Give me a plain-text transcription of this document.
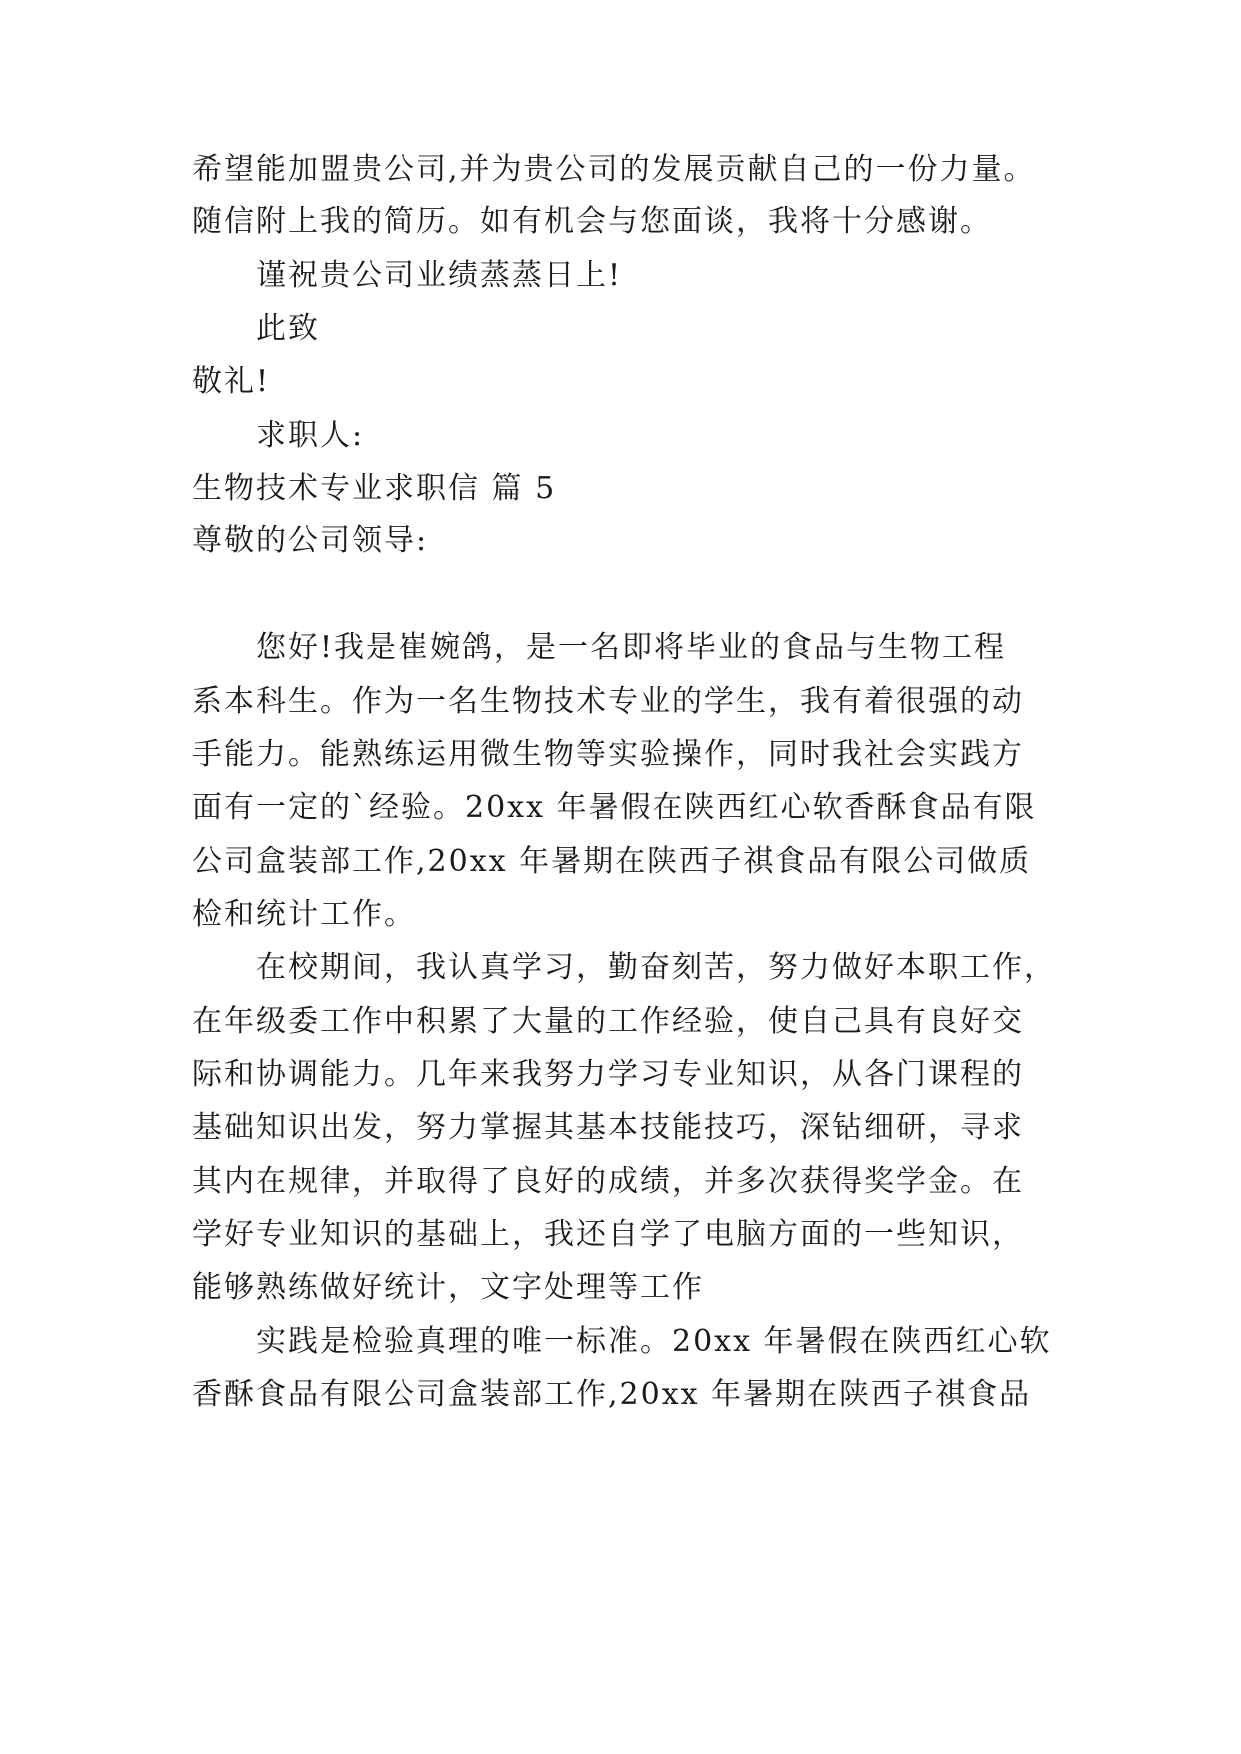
希望能加盟贵公司,并为贵公司的发展贡献自己的一份力量。
随信附上我的简历。如有机会与您面谈，我将十分感谢。
谨祝贵公司业绩蒸蒸日上!
此致
敬礼!
求职人:
生物技术专业求职信 篇 5
尊敬的公司领导:
您好!我是崔婉鸽，是一名即将毕业的食品与生物工程
系本科生。作为一名生物技术专业的学生，我有着很强的动
手能力。能熟练运用微生物等实验操作，同时我社会实践方
面有一定的`经验。20xx 年暑假在陕西红心软香酥食品有限
公司盒装部工作,20xx 年暑期在陕西子祺食品有限公司做质
检和统计工作。
在校期间，我认真学习，勤奋刻苦，努力做好本职工作，
在年级委工作中积累了大量的工作经验，使自己具有良好交
际和协调能力。几年来我努力学习专业知识，从各门课程的
基础知识出发，努力掌握其基本技能技巧，深钻细研，寻求
其内在规律，并取得了良好的成绩，并多次获得奖学金。在
学好专业知识的基础上，我还自学了电脑方面的一些知识，
能够熟练做好统计，文字处理等工作
实践是检验真理的唯一标准。20xx 年暑假在陕西红心软
香酥食品有限公司盒装部工作,20xx 年暑期在陕西子祺食品
